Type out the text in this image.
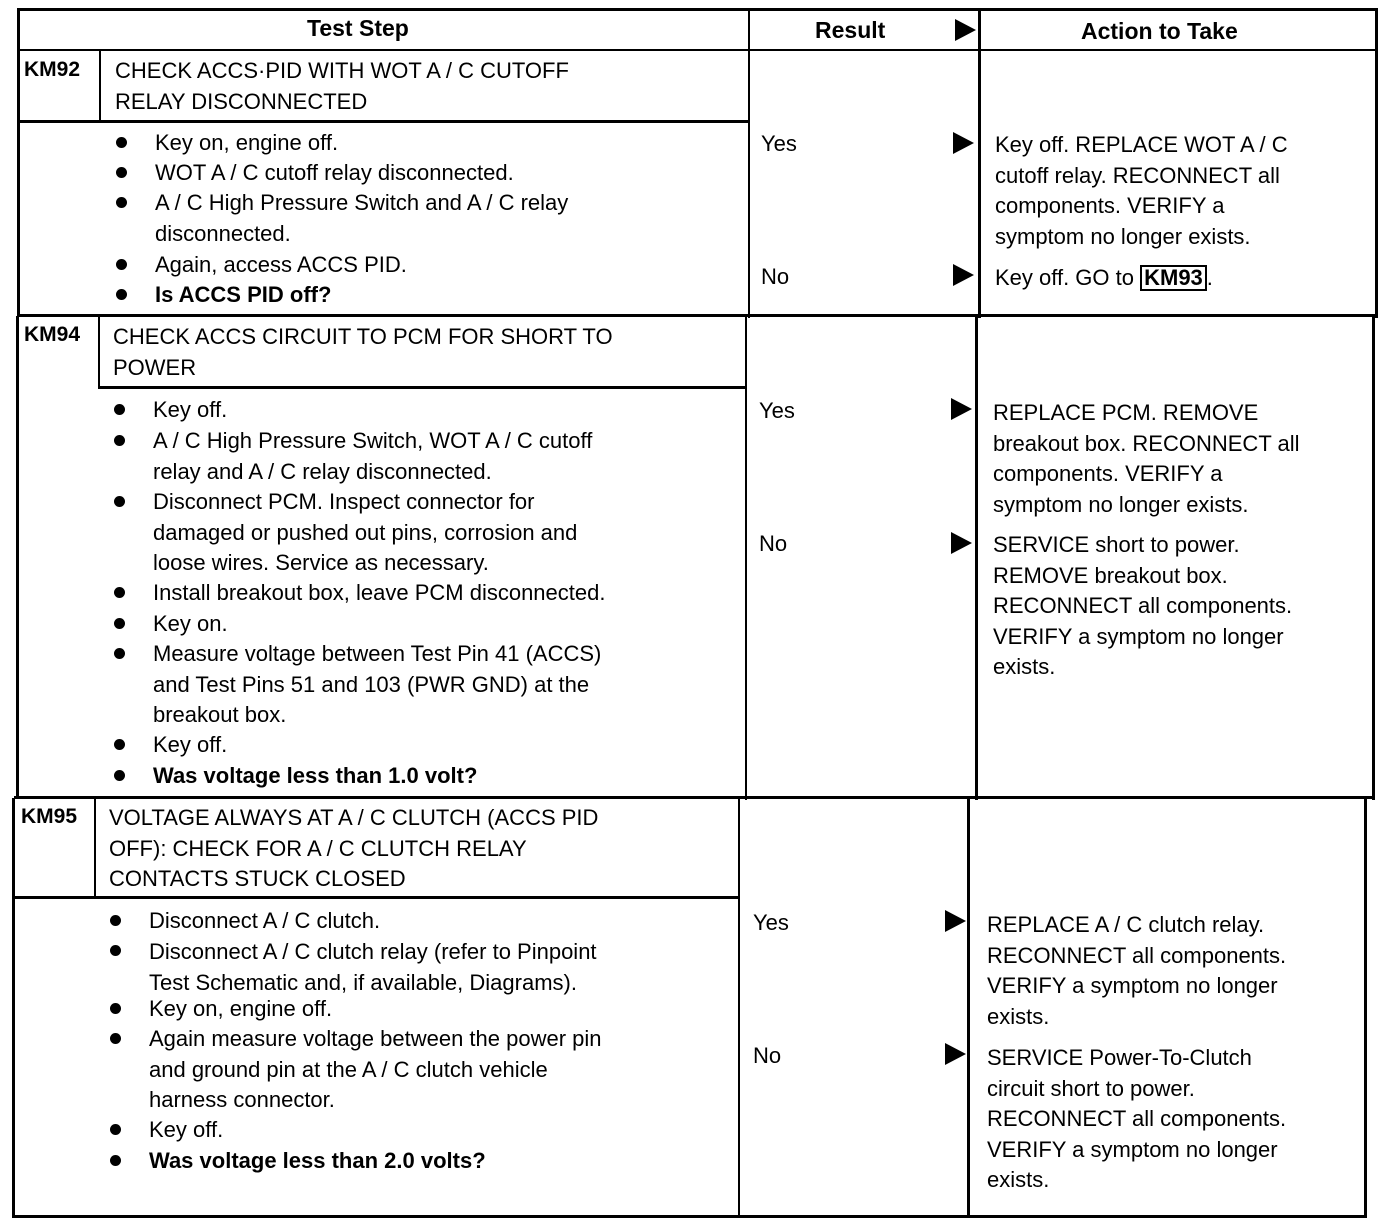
Test Step	Result	Action to Take
KM92 CHECK ACCS·PID WITH WOT A / C CUTOFF
RELAY DISCONNECTED
Key on, engine off.
WOT A / C cutoff relay disconnected.
A / C High Pressure Switch and A / C relay
disconnected.
Again, access ACCS PID.
Is ACCS PID off?
Yes	Key off. REPLACE WOT A / C
cutoff relay. RECONNECT all
components. VERIFY a
symptom no longer exists.
No	Key off. GO to KM93 .
KM94 CHECK ACCS CIRCUIT TO PCM FOR SHORT TO
POWER
Key off.
A / C High Pressure Switch, WOT A / C cutoff
relay and A / C relay disconnected.
Disconnect PCM. Inspect connector for
damaged or pushed out pins, corrosion and
loose wires. Service as necessary.
Install breakout box, leave PCM disconnected.
Key on.
Measure voltage between Test Pin 41 (ACCS)
and Test Pins 51 and 103 (PWR GND) at the
breakout box.
Key off.
Was voltage less than 1.0 volt?
Yes	REPLACE PCM. REMOVE
breakout box. RECONNECT all
components. VERIFY a
symptom no longer exists.
No	SERVICE short to power.
REMOVE breakout box.
RECONNECT all components.
VERIFY a symptom no longer
exists.
KM95 VOLTAGE ALWAYS AT A / C CLUTCH (ACCS PID
OFF): CHECK FOR A / C CLUTCH RELAY
CONTACTS STUCK CLOSED
Disconnect A / C clutch.
Disconnect A / C clutch relay (refer to Pinpoint
Test Schematic and, if available, Diagrams).
Key on, engine off.
Again measure voltage between the power pin
and ground pin at the A / C clutch vehicle
harness connector.
Key off.
Was voltage less than 2.0 volts?
Yes	REPLACE A / C clutch relay.
RECONNECT all components.
VERIFY a symptom no longer
exists.
No	SERVICE Power-To-Clutch
circuit short to power.
RECONNECT all components.
VERIFY a symptom no longer
exists.
